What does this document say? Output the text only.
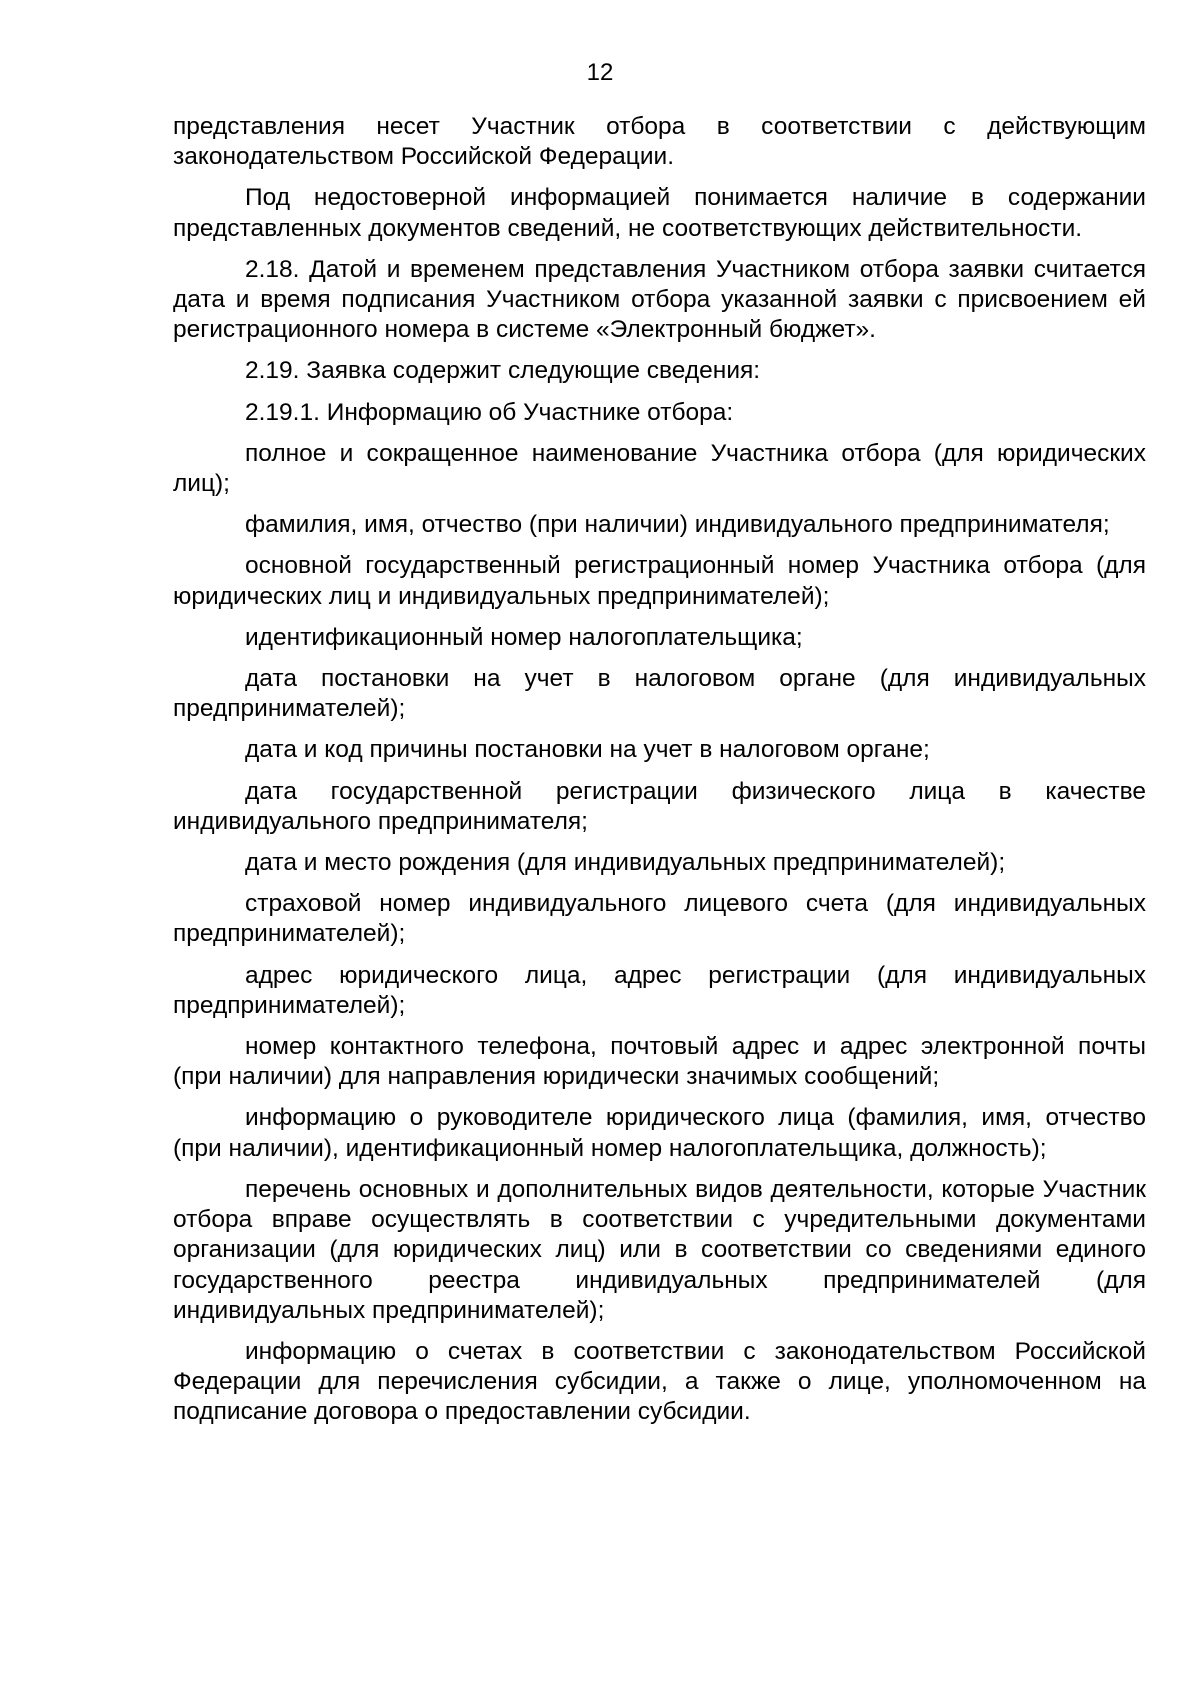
12

представления несет Участник отбора в соответствии с действующим законодательством Российской Федерации.

Под недостоверной информацией понимается наличие в содержании представленных документов сведений, не соответствующих действительности.

2.18. Датой и временем представления Участником отбора заявки считается дата и время подписания Участником отбора указанной заявки с присвоением ей регистрационного номера в системе «Электронный бюджет».

2.19. Заявка содержит следующие сведения:

2.19.1. Информацию об Участнике отбора:

полное и сокращенное наименование Участника отбора (для юридических лиц);

фамилия, имя, отчество (при наличии) индивидуального предпринимателя;

основной государственный регистрационный номер Участника отбора (для юридических лиц и индивидуальных предпринимателей);

идентификационный номер налогоплательщика;

дата постановки на учет в налоговом органе (для индивидуальных предпринимателей);

дата и код причины постановки на учет в налоговом органе;

дата государственной регистрации физического лица в качестве индивидуального предпринимателя;

дата и место рождения (для индивидуальных предпринимателей);

страховой номер индивидуального лицевого счета (для индивидуальных предпринимателей);

адрес юридического лица, адрес регистрации (для индивидуальных предпринимателей);

номер контактного телефона, почтовый адрес и адрес электронной почты (при наличии) для направления юридически значимых сообщений;

информацию о руководителе юридического лица (фамилия, имя, отчество (при наличии), идентификационный номер налогоплательщика, должность);

перечень основных и дополнительных видов деятельности, которые Участник отбора вправе осуществлять в соответствии с учредительными документами организации (для юридических лиц) или в соответствии со сведениями единого государственного реестра индивидуальных предпринимателей (для индивидуальных предпринимателей);

информацию о счетах в соответствии с законодательством Российской Федерации для перечисления субсидии, а также о лице, уполномоченном на подписание договора о предоставлении субсидии.
